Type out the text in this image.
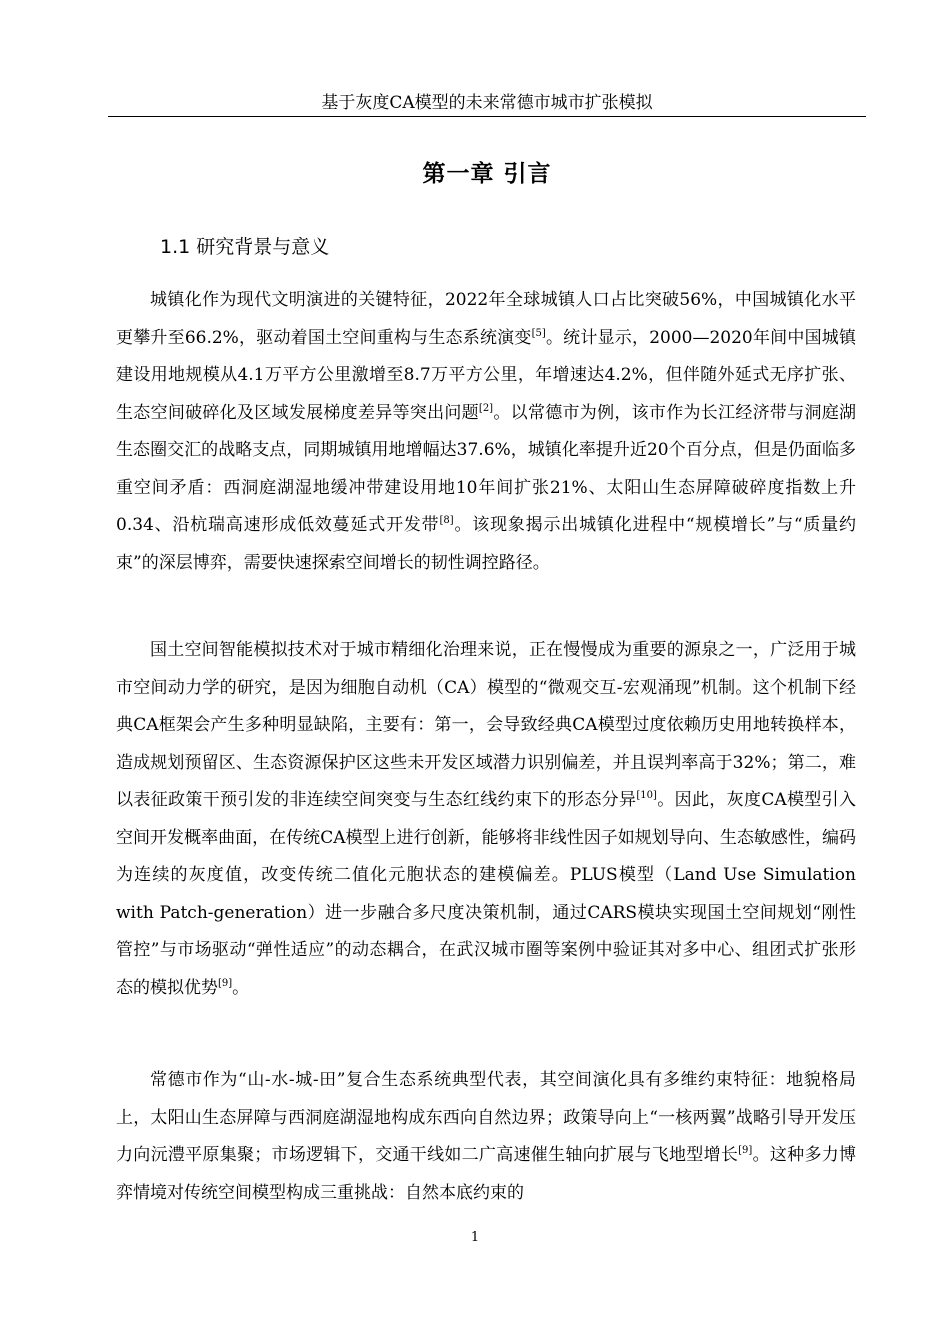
基于灰度CA模型的未来常德市城市扩张模拟
第一章 引言
1.1 研究背景与意义

城镇化作为现代文明演进的关键特征，2022年全球城镇人口占比突破56%，中国城镇化水平更攀升至66.2%，驱动着国土空间重构与生态系统演变[5]。统计显示，2000—2020年间中国城镇建设用地规模从4.1万平方公里激增至8.7万平方公里，年增速达4.2%，但伴随外延式无序扩张、生态空间破碎化及区域发展梯度差异等突出问题[2]。以常德市为例，该市作为长江经济带与洞庭湖生态圈交汇的战略支点，同期城镇用地增幅达37.6%，城镇化率提升近20个百分点，但是仍面临多重空间矛盾：西洞庭湖湿地缓冲带建设用地10年间扩张21%、太阳山生态屏障破碎度指数上升0.34、沿杭瑞高速形成低效蔓延式开发带[8]。该现象揭示出城镇化进程中“规模增长”与“质量约束”的深层博弈，需要快速探索空间增长的韧性调控路径。

国土空间智能模拟技术对于城市精细化治理来说，正在慢慢成为重要的源泉之一，广泛用于城市空间动力学的研究，是因为细胞自动机（CA）模型的“微观交互-宏观涌现”机制。这个机制下经典CA框架会产生多种明显缺陷，主要有：第一，会导致经典CA模型过度依赖历史用地转换样本，造成规划预留区、生态资源保护区这些未开发区域潜力识别偏差，并且误判率高于32%；第二，难以表征政策干预引发的非连续空间突变与生态红线约束下的形态分异[10]。因此，灰度CA模型引入空间开发概率曲面，在传统CA模型上进行创新，能够将非线性因子如规划导向、生态敏感性，编码为连续的灰度值，改变传统二值化元胞状态的建模偏差。PLUS模型（Land Use Simulation with Patch-generation）进一步融合多尺度决策机制，通过CARS模块实现国土空间规划“刚性管控”与市场驱动“弹性适应”的动态耦合，在武汉城市圈等案例中验证其对多中心、组团式扩张形态的模拟优势[9]。

常德市作为“山-水-城-田”复合生态系统典型代表，其空间演化具有多维约束特征：地貌格局上，太阳山生态屏障与西洞庭湖湿地构成东西向自然边界；政策导向上“一核两翼”战略引导开发压力向沅澧平原集聚；市场逻辑下，交通干线如二广高速催生轴向扩展与飞地型增长[9]。这种多力博弈情境对传统空间模型构成三重挑战：自然本底约束的

1
